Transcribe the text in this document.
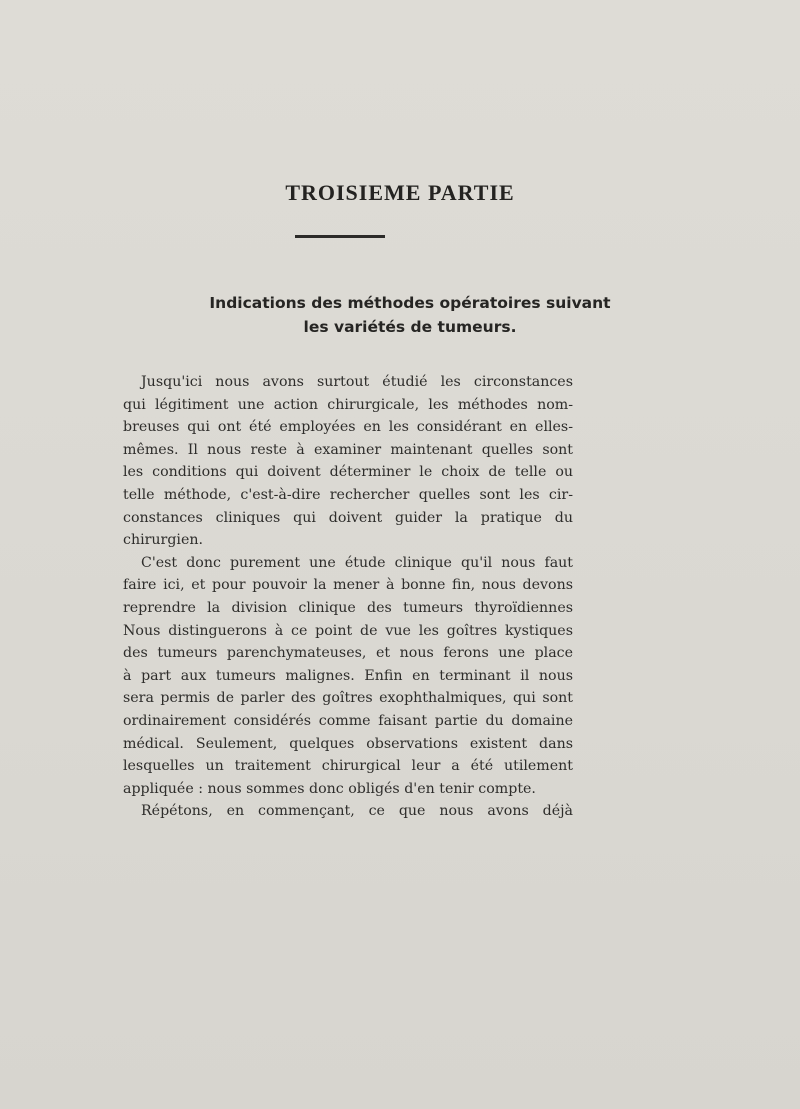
TROISIEME PARTIE
Indications des méthodes opératoires suivant
les variétés de tumeurs.
Jusqu'ici nous avons surtout étudié les circonstances
qui légitiment une action chirurgicale, les méthodes nom-
breuses qui ont été employées en les considérant en elles-
mêmes. Il nous reste à examiner maintenant quelles sont
les conditions qui doivent déterminer le choix de telle ou
telle méthode, c'est-à-dire rechercher quelles sont les cir-
constances cliniques qui doivent guider la pratique du
chirurgien.
C'est donc purement une étude clinique qu'il nous faut
faire ici, et pour pouvoir la mener à bonne fin, nous devons
reprendre la division clinique des tumeurs thyroïdiennes
Nous distinguerons à ce point de vue les goîtres kystiques
des tumeurs parenchymateuses, et nous ferons une place
à part aux tumeurs malignes. Enfin en terminant il nous
sera permis de parler des goîtres exophthalmiques, qui sont
ordinairement considérés comme faisant partie du domaine
médical. Seulement, quelques observations existent dans
lesquelles un traitement chirurgical leur a été utilement
appliquée : nous sommes donc obligés d'en tenir compte.
Répétons, en commençant, ce que nous avons déjà
